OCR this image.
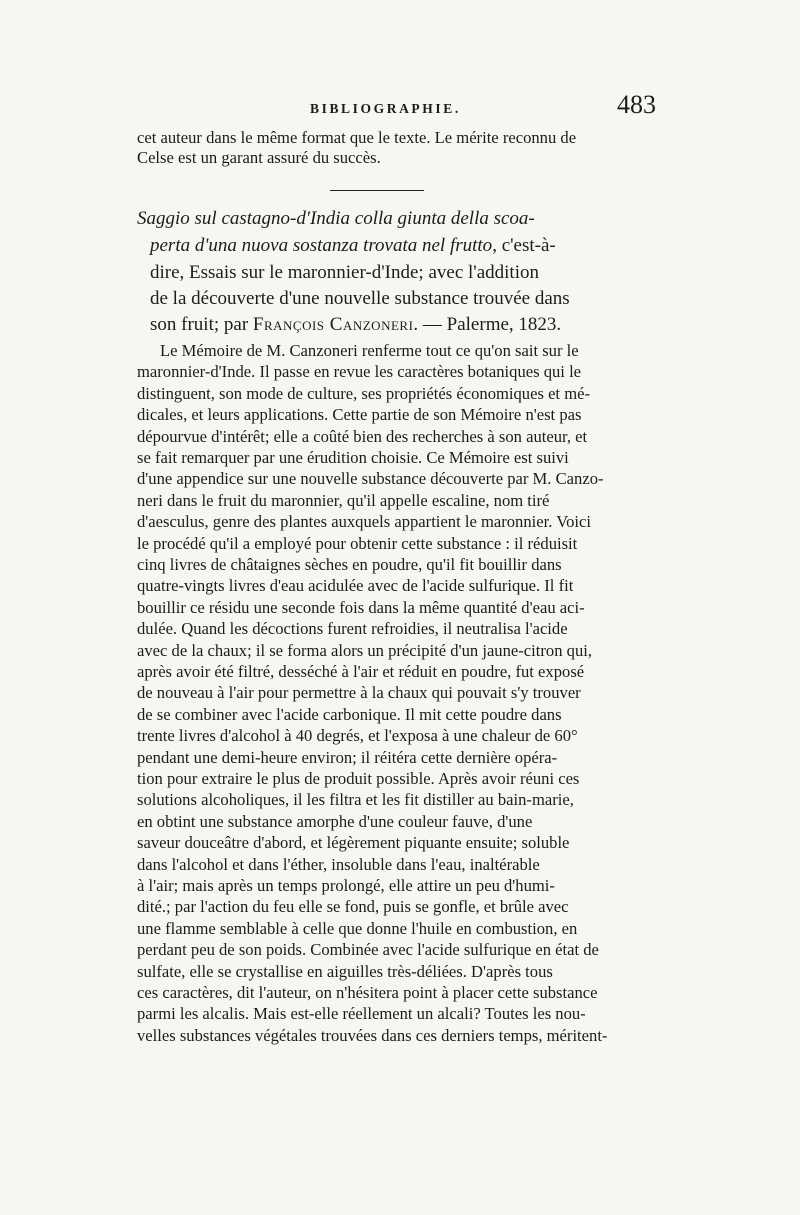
BIBLIOGRAPHIE.	483
cet auteur dans le même format que le texte. Le mérite reconnu de
Celse est un garant assuré du succès.
Saggio sul castagno-d'India colla giunta della scoa-
perta d'una nuova sostanza trovata nel frutto, c'est-à-
dire, Essais sur le maronnier-d'Inde; avec l'addition
de la découverte d'une nouvelle substance trouvée dans
son fruit; par François Canzoneri. — Palerme, 1823.
Le Mémoire de M. Canzoneri renferme tout ce qu'on sait sur le
maronnier-d'Inde. Il passe en revue les caractères botaniques qui le
distinguent, son mode de culture, ses propriétés économiques et mé-
dicales, et leurs applications. Cette partie de son Mémoire n'est pas
dépourvue d'intérêt; elle a coûté bien des recherches à son auteur, et
se fait remarquer par une érudition choisie. Ce Mémoire est suivi
d'une appendice sur une nouvelle substance découverte par M. Canzo-
neri dans le fruit du maronnier, qu'il appelle escaline, nom tiré
d'aesculus, genre des plantes auxquels appartient le maronnier. Voici
le procédé qu'il a employé pour obtenir cette substance : il réduisit
cinq livres de châtaignes sèches en poudre, qu'il fit bouillir dans
quatre-vingts livres d'eau acidulée avec de l'acide sulfurique. Il fit
bouillir ce résidu une seconde fois dans la même quantité d'eau aci-
dulée. Quand les décoctions furent refroidies, il neutralisa l'acide
avec de la chaux; il se forma alors un précipité d'un jaune-citron qui,
après avoir été filtré, desséché à l'air et réduit en poudre, fut exposé
de nouveau à l'air pour permettre à la chaux qui pouvait s'y trouver
de se combiner avec l'acide carbonique. Il mit cette poudre dans
trente livres d'alcohol à 40 degrés, et l'exposa à une chaleur de 60°
pendant une demi-heure environ; il réitéra cette dernière opéra-
tion pour extraire le plus de produit possible. Après avoir réuni ces
solutions alcoholiques, il les filtra et les fit distiller au bain-marie,
en obtint une substance amorphe d'une couleur fauve, d'une
saveur douceâtre d'abord, et légèrement piquante ensuite; soluble
dans l'alcohol et dans l'éther, insoluble dans l'eau, inaltérable
à l'air; mais après un temps prolongé, elle attire un peu d'humi-
dité.; par l'action du feu elle se fond, puis se gonfle, et brûle avec
une flamme semblable à celle que donne l'huile en combustion, en
perdant peu de son poids. Combinée avec l'acide sulfurique en état de
sulfate, elle se crystallise en aiguilles très-déliées. D'après tous
ces caractères, dit l'auteur, on n'hésitera point à placer cette substance
parmi les alcalis. Mais est-elle réellement un alcali? Toutes les nou-
velles substances végétales trouvées dans ces derniers temps, méritent-
